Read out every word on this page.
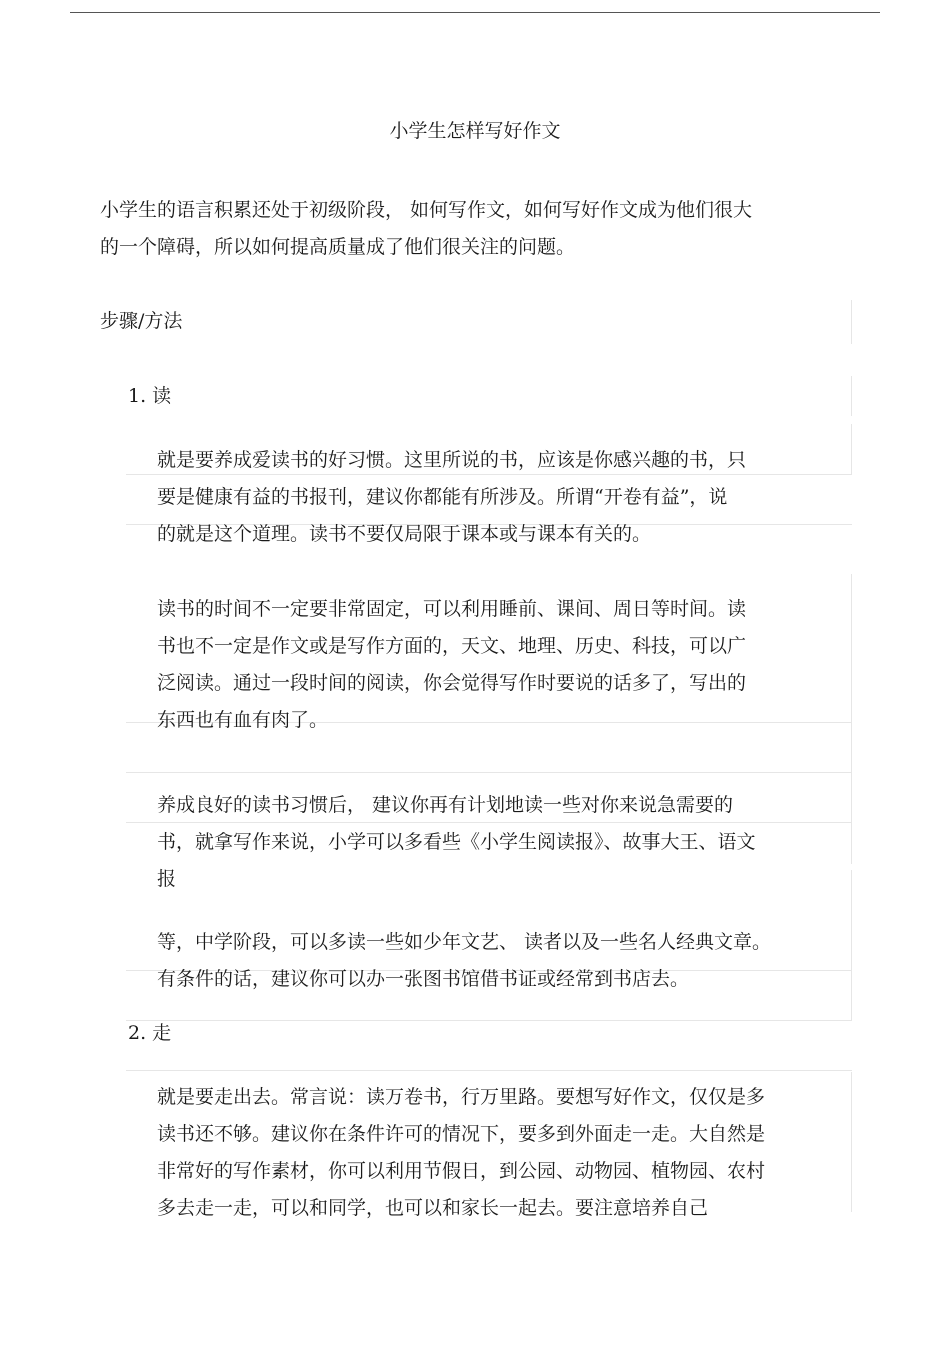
小学生怎样写好作文
小学生的语言积累还处于初级阶段， 如何写作文，如何写好作文成为他们很大
的一个障碍，所以如何提高质量成了他们很关注的问题。
步骤/方法
1. 读
就是要养成爱读书的好习惯。这里所说的书，应该是你感兴趣的书，只
要是健康有益的书报刊，建议你都能有所涉及。所谓“开卷有益”，说
的就是这个道理。读书不要仅局限于课本或与课本有关的。
读书的时间不一定要非常固定，可以利用睡前、课间、周日等时间。读
书也不一定是作文或是写作方面的，天文、地理、历史、科技，可以广
泛阅读。通过一段时间的阅读，你会觉得写作时要说的话多了，写出的
东西也有血有肉了。
养成良好的读书习惯后， 建议你再有计划地读一些对你来说急需要的
书，就拿写作来说，小学可以多看些《小学生阅读报》、故事大王、语文
报
等，中学阶段，可以多读一些如少年文艺、 读者以及一些名人经典文章。
有条件的话，建议你可以办一张图书馆借书证或经常到书店去。
2. 走
就是要走出去。常言说：读万卷书，行万里路。要想写好作文，仅仅是多
读书还不够。建议你在条件许可的情况下，要多到外面走一走。大自然是
非常好的写作素材，你可以利用节假日，到公园、动物园、植物园、农村
多去走一走，可以和同学，也可以和家长一起去。要注意培养自己
